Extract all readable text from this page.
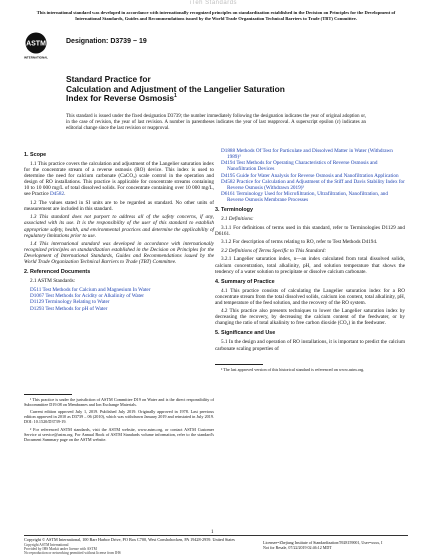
iTeh Standards
This international standard was developed in accordance with internationally recognized principles on standardization established in the Decision on Principles for the Development of International Standards, Guides and Recommendations issued by the World Trade Organization Technical Barriers to Trade (TBT) Committee.
ASTM
INTERNATIONAL
Designation: D3739 − 19
Standard Practice for
Calculation and Adjustment of the Langelier Saturation
Index for Reverse Osmosis$^1$
This standard is issued under the fixed designation D3739; the number immediately following the designation indicates the year of original adoption or, in the case of revision, the year of last revision. A number in parentheses indicates the year of last reapproval. A superscript epsilon (ε) indicates an editorial change since the last revision or reapproval.
1. Scope

1.1 This practice covers the calculation and adjustment of the Langelier saturation index for the concentrate stream of a reverse osmosis (RO) device. This index is used to determine the need for calcium carbonate (CaCO₃) scale control in the operation and design of RO installations. This practice is applicable for concentrate streams containing 10 to 10 000 mg/L of total dissolved solids. For concentrate containing over 10 000 mg/L, see Practice D4582.

1.2 The values stated in SI units are to be regarded as standard. No other units of measurement are included in this standard.

1.3 This standard does not purport to address all of the safety concerns, if any, associated with its use. It is the responsibility of the user of this standard to establish appropriate safety, health, and environmental practices and determine the applicability of regulatory limitations prior to use.

1.4 This international standard was developed in accordance with internationally recognized principles on standardization established in the Decision on Principles for the Development of International Standards, Guides and Recommendations issued by the World Trade Organization Technical Barriers to Trade (TBT) Committee.

2. Referenced Documents

2.1 ASTM Standards:

D511 Test Methods for Calcium and Magnesium In Water
D1067 Test Methods for Acidity or Alkalinity of Water
D1129 Terminology Relating to Water
D1293 Test Methods for pH of Water

¹ This practice is under the jurisdiction of ASTM Committee D19 on Water and is the direct responsibility of Subcommittee D19.08 on Membranes and Ion Exchange Materials.

Current edition approved July 1, 2019. Published July 2019. Originally approved in 1978. Last previous edition approved in 2010 as D3739 – 06 (2010), which was withdrawn January 2019 and reinstated in July 2019. DOI: 10.1520/D3739-19.

² For referenced ASTM standards, visit the ASTM website, www.astm.org, or contact ASTM Customer Service at service@astm.org. For Annual Book of ASTM Standards volume information, refer to the standard's Document Summary page on the ASTM website.

D1888 Methods Of Test for Particulate and Dissolved Matter in Water (Withdrawn 1989)³
D4194 Test Methods for Operating Characteristics of Reverse Osmosis and Nanofiltration Devices
D4195 Guide for Water Analysis for Reverse Osmosis and Nanofiltration Application
D4582 Practice for Calculation and Adjustment of the Stiff and Davis Stability Index for Reverse Osmosis (Withdrawn 2019)³
D6161 Terminology Used for Microfiltration, Ultrafiltration, Nanofiltration, and Reverse Osmosis Membrane Processes
3. Terminology

3.1 Definitions:

3.1.1 For definitions of terms used in this standard, refer to Terminologies D1129 and D6161.

3.1.2 For description of terms relating to RO, refer to Test Methods D4194.

3.2 Definitions of Terms Specific to This Standard:

3.2.1 Langelier saturation index, n—an index calculated from total dissolved solids, calcium concentration, total alkalinity, pH, and solution temperature that shows the tendency of a water solution to precipitate or dissolve calcium carbonate.

4. Summary of Practice

4.1 This practice consists of calculating the Langelier saturation index for a RO concentrate stream from the total dissolved solids, calcium ion content, total alkalinity, pH, and temperature of the feed solution, and the recovery of the RO system.

4.2 This practice also presents techniques to lower the Langelier saturation index by decreasing the recovery, by decreasing the calcium content of the feedwater, or by changing the ratio of total alkalinity to free carbon dioxide (CO₂) in the feedwater.

5. Significance and Use

5.1 In the design and operation of RO installations, it is important to predict the calcium carbonate scaling properties of

³ The last approved version of this historical standard is referenced on www.astm.org.

1
Copyright © ASTM International, 100 Barr Harbor Drive, PO Box C700, West Conshohocken, PA 19428-2959. United States
Licensee=Zhejiang Institute of Standardization/5928159001, User=xxxx, I
Not for Resale, 07/22/2019 02:46:12 MDT
Copyright ASTM International
Provided by IHS Markit under license with ASTM
No reproduction or networking permitted without license from IHS
